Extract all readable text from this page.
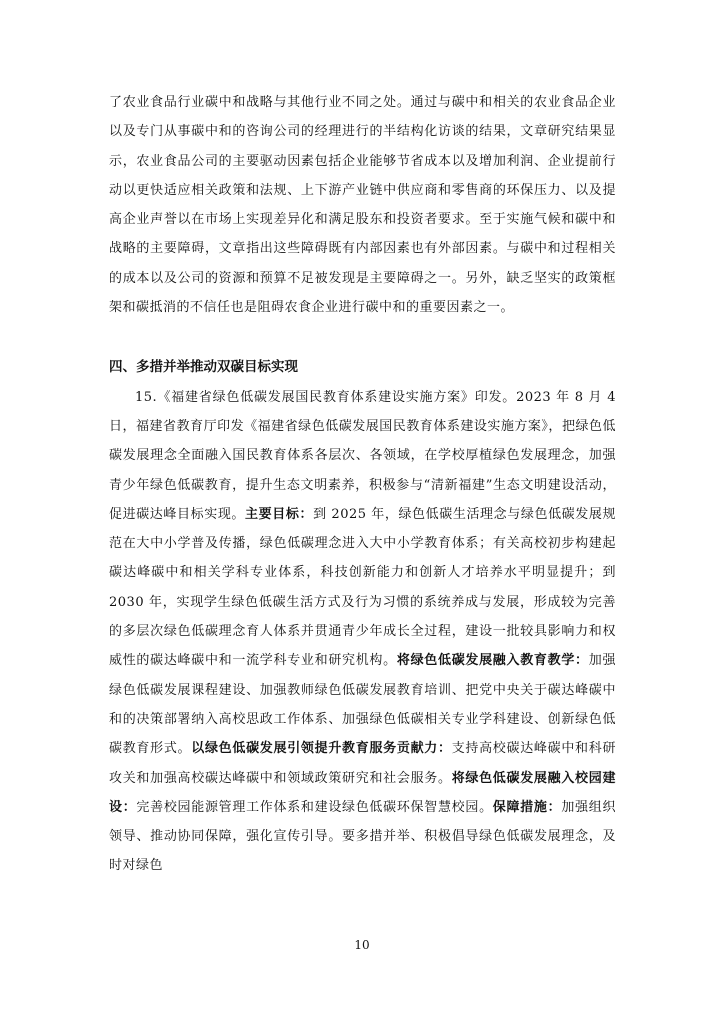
了农业食品行业碳中和战略与其他行业不同之处。通过与碳中和相关的农业食品企业以及专门从事碳中和的咨询公司的经理进行的半结构化访谈的结果，文章研究结果显示，农业食品公司的主要驱动因素包括企业能够节省成本以及增加利润、企业提前行动以更快适应相关政策和法规、上下游产业链中供应商和零售商的环保压力、以及提高企业声誉以在市场上实现差异化和满足股东和投资者要求。至于实施气候和碳中和战略的主要障碍，文章指出这些障碍既有内部因素也有外部因素。与碳中和过程相关的成本以及公司的资源和预算不足被发现是主要障碍之一。另外，缺乏坚实的政策框架和碳抵消的不信任也是阻碍农食企业进行碳中和的重要因素之一。

四、多措并举推动双碳目标实现

15.《福建省绿色低碳发展国民教育体系建设实施方案》印发。2023 年 8 月 4 日，福建省教育厅印发《福建省绿色低碳发展国民教育体系建设实施方案》，把绿色低碳发展理念全面融入国民教育体系各层次、各领域，在学校厚植绿色发展理念，加强青少年绿色低碳教育，提升生态文明素养，积极参与“清新福建”生态文明建设活动，促进碳达峰目标实现。主要目标：到 2025 年，绿色低碳生活理念与绿色低碳发展规范在大中小学普及传播，绿色低碳理念进入大中小学教育体系；有关高校初步构建起碳达峰碳中和相关学科专业体系，科技创新能力和创新人才培养水平明显提升；到 2030 年，实现学生绿色低碳生活方式及行为习惯的系统养成与发展，形成较为完善的多层次绿色低碳理念育人体系并贯通青少年成长全过程，建设一批较具影响力和权威性的碳达峰碳中和一流学科专业和研究机构。将绿色低碳发展融入教育教学：加强绿色低碳发展课程建设、加强教师绿色低碳发展教育培训、把党中央关于碳达峰碳中和的决策部署纳入高校思政工作体系、加强绿色低碳相关专业学科建设、创新绿色低碳教育形式。以绿色低碳发展引领提升教育服务贡献力：支持高校碳达峰碳中和科研攻关和加强高校碳达峰碳中和领域政策研究和社会服务。将绿色低碳发展融入校园建设：完善校园能源管理工作体系和建设绿色低碳环保智慧校园。保障措施：加强组织领导、推动协同保障，强化宣传引导。要多措并举、积极倡导绿色低碳发展理念，及时对绿色

10
